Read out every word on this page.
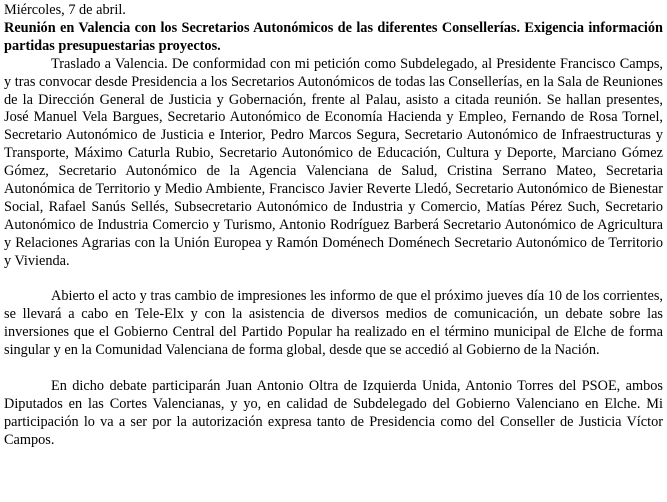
Miércoles, 7 de abril.

Reunión en Valencia con los Secretarios Autonómicos de las diferentes Consellerías. Exigencia información partidas presupuestarias proyectos.

Traslado a Valencia. De conformidad con mi petición como Subdelegado, al Presidente Francisco Camps, y tras convocar desde Presidencia a los Secretarios Autonómicos de todas las Consellerías, en la Sala de Reuniones de la Dirección General de Justicia y Gobernación, frente al Palau, asisto a citada reunión. Se hallan presentes, José Manuel Vela Bargues, Secretario Autonómico de Economía Hacienda y Empleo, Fernando de Rosa Tornel, Secretario Autonómico de Justicia e Interior, Pedro Marcos Segura, Secretario Autonómico de Infraestructuras y Transporte, Máximo Caturla Rubio, Secretario Autonómico de Educación, Cultura y Deporte, Marciano Gómez Gómez, Secretario Autonómico de la Agencia Valenciana de Salud, Cristina Serrano Mateo, Secretaria Autonómica de Territorio y Medio Ambiente, Francisco Javier Reverte Lledó, Secretario Autonómico de Bienestar Social, Rafael Sanús Sellés, Subsecretario Autonómico de Industria y Comercio, Matías Pérez Such, Secretario Autonómico de Industria Comercio y Turismo, Antonio Rodríguez Barberá Secretario Autonómico de Agricultura y Relaciones Agrarias con la Unión Europea y Ramón Doménech Doménech Secretario Autonómico de Territorio y Vivienda.

Abierto el acto y tras cambio de impresiones les informo de que el próximo jueves día 10 de los corrientes, se llevará a cabo en Tele-Elx y con la asistencia de diversos medios de comunicación, un debate sobre las inversiones que el Gobierno Central del Partido Popular ha realizado en el término municipal de Elche de forma singular y en la Comunidad Valenciana de forma global, desde que se accedió al Gobierno de la Nación.

En dicho debate participarán Juan Antonio Oltra de Izquierda Unida, Antonio Torres del PSOE, ambos Diputados en las Cortes Valencianas, y yo, en calidad de Subdelegado del Gobierno Valenciano en Elche. Mi participación lo va a ser por la autorización expresa tanto de Presidencia como del Conseller de Justicia Víctor Campos.
